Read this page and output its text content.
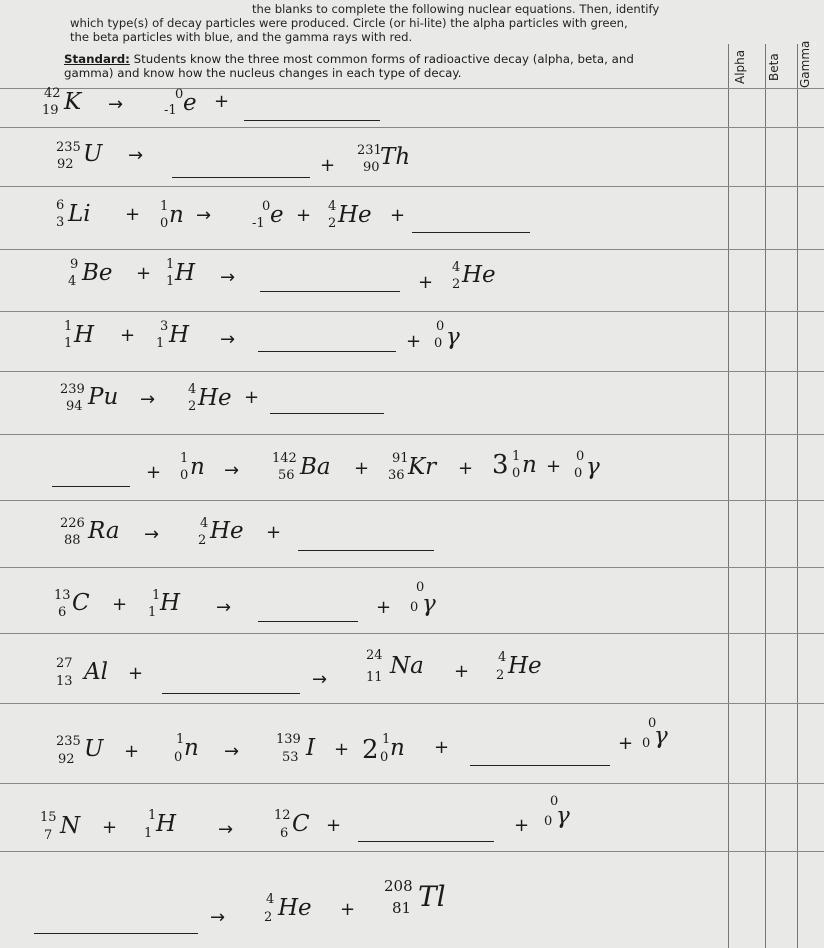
the blanks to complete the following nuclear equations. Then, identify
which type(s) of decay particles were produced. Circle (or hi-lite) the alpha particles with green,
the beta particles with blue, and the gamma rays with red.
Standard: Students know the three most common forms of radioactive decay (alpha, beta, and
gamma) and know how the nucleus changes in each type of decay.	Alpha	Beta	Gamma
42
19 K →	0
-1 e +
235
92 U →	+
231
90 Th
6
3 Li + 1
0 n →	0
-1 e + 4
2 He +
9
4 Be + 1
1 H →	+
4
2 He
1
1 H + 3
1 H →	+
0
0 γ
239
94 Pu →	4
2 He +
+
1
0 n →
142
56 Ba + 91
36 Kr + 3 1
0 n + 0
0 γ
226
88 Ra →
4
2 He +
13
6 C + 1
1 H →	+
0
0 γ
27
13 Al +	→
24
11 Na +
4
2 He
235
92 U +
1
0 n →
139
53 I + 2 1
0 n +	+
0
0 γ
15
7 N +
1
1 H →
12
6 C +	+
0
0 γ
→
4
2 He +
208
81 Tl
